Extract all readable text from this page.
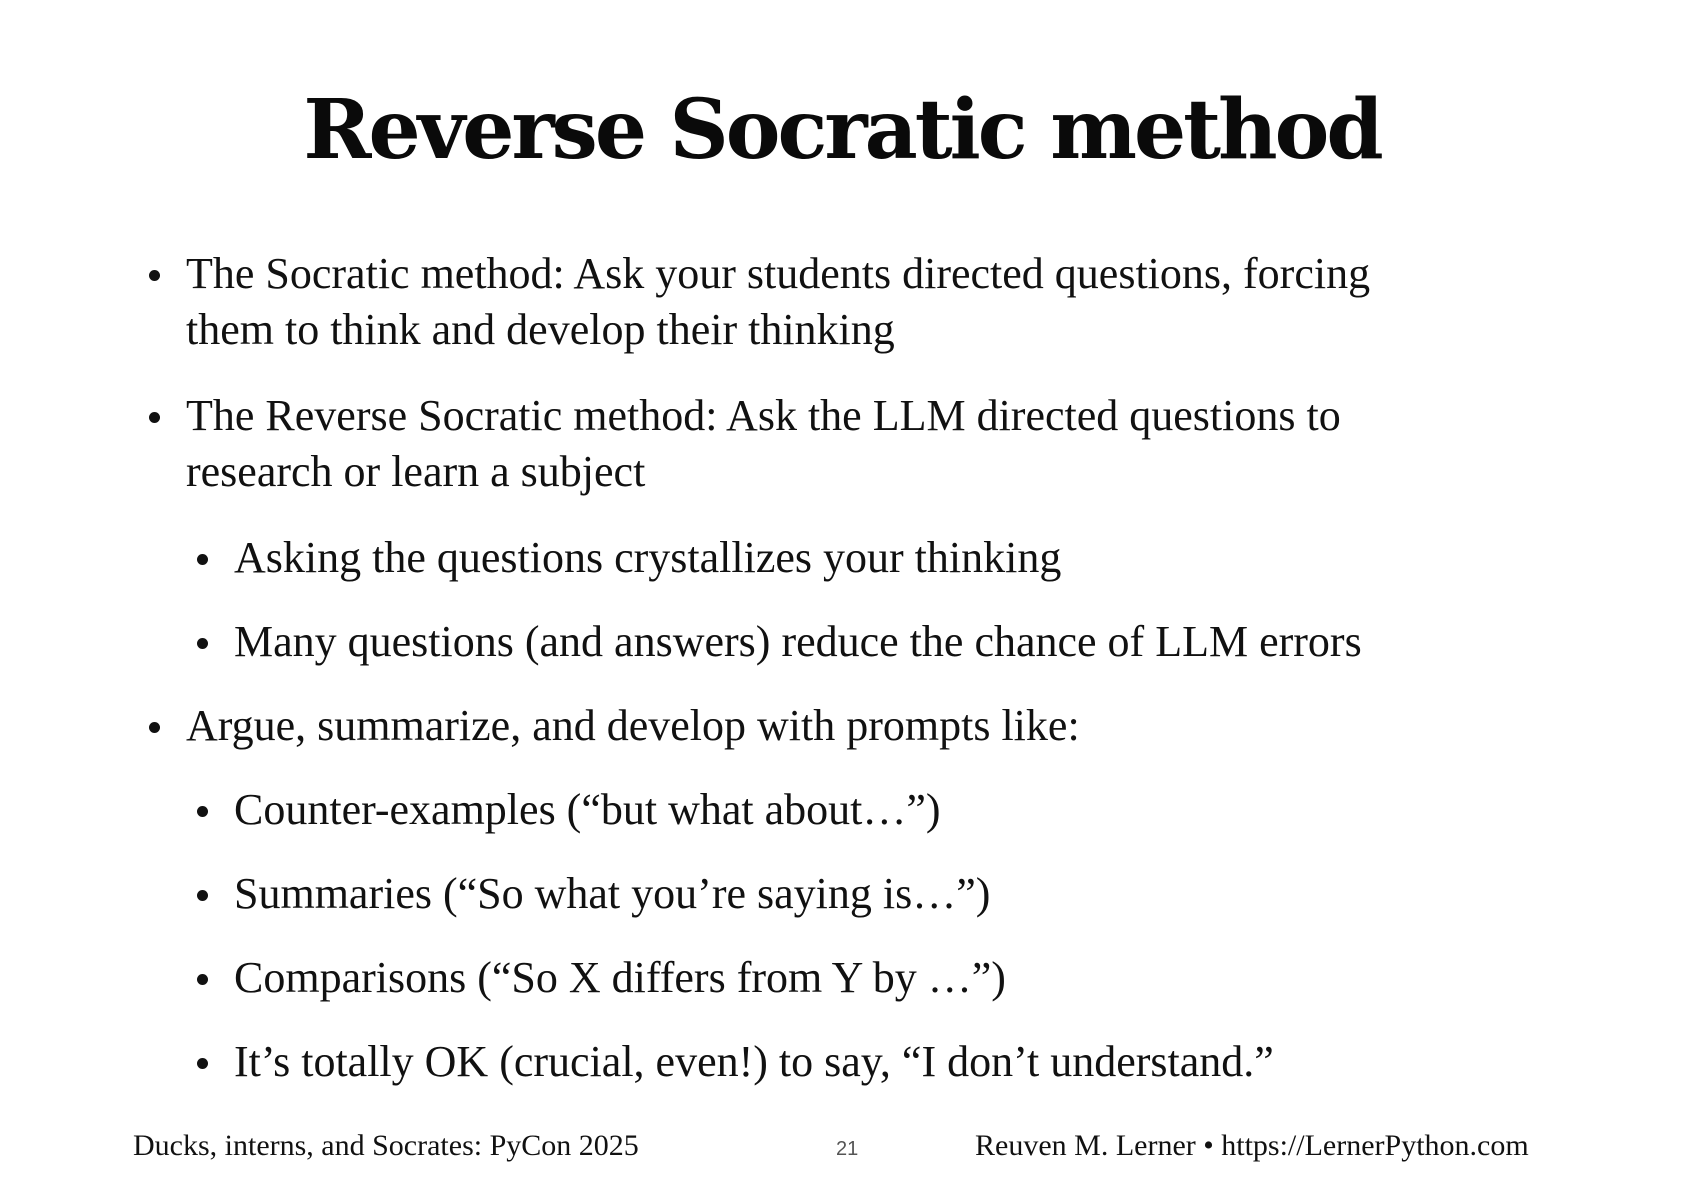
Reverse Socratic method
The Socratic method: Ask your students directed questions, forcing
them to think and develop their thinking
The Reverse Socratic method: Ask the LLM directed questions to
research or learn a subject
Asking the questions crystallizes your thinking
Many questions (and answers) reduce the chance of LLM errors
Argue, summarize, and develop with prompts like:
Counter-examples (“but what about…”)
Summaries (“So what you’re saying is…”)
Comparisons (“So X differs from Y by …”)
It’s totally OK (crucial, even!) to say, “I don’t understand.”
Ducks, interns, and Socrates: PyCon 2025	21	Reuven M. Lerner • https://LernerPython.com
